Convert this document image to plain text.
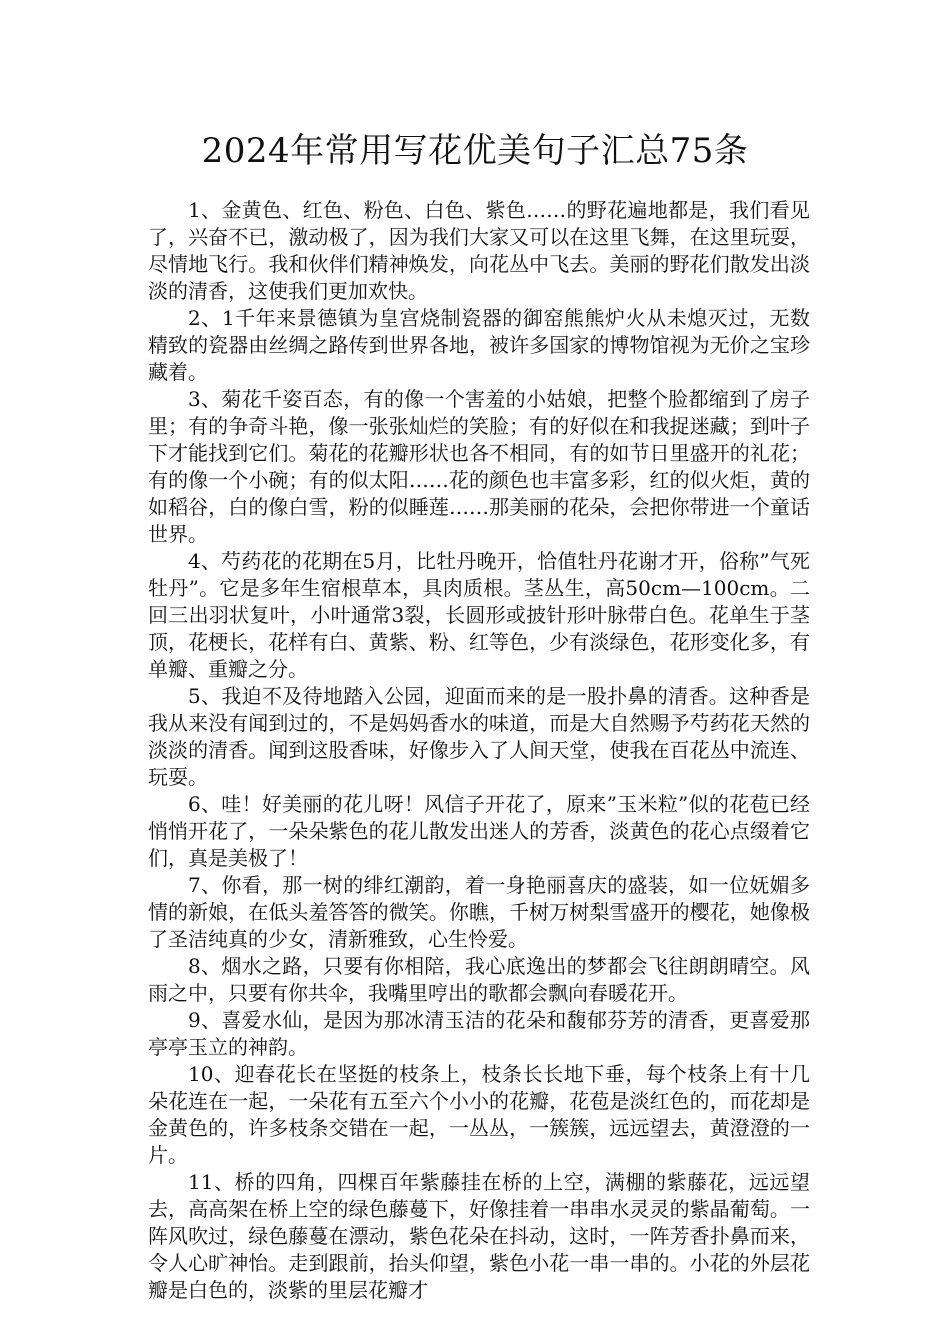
2024年常用写花优美句子汇总75条

1、金黄色、红色、粉色、白色、紫色……的野花遍地都是，我们看见了，兴奋不已，激动极了，因为我们大家又可以在这里飞舞，在这里玩耍，尽情地飞行。我和伙伴们精神焕发，向花丛中飞去。美丽的野花们散发出淡淡的清香，这使我们更加欢快。

2、1千年来景德镇为皇宫烧制瓷器的御窑熊熊炉火从未熄灭过，无数精致的瓷器由丝绸之路传到世界各地，被许多国家的博物馆视为无价之宝珍藏着。

3、菊花千姿百态，有的像一个害羞的小姑娘，把整个脸都缩到了房子里；有的争奇斗艳，像一张张灿烂的笑脸；有的好似在和我捉迷藏；到叶子下才能找到它们。菊花的花瓣形状也各不相同，有的如节日里盛开的礼花；有的像一个小碗；有的似太阳……花的颜色也丰富多彩，红的似火炬，黄的如稻谷，白的像白雪，粉的似睡莲……那美丽的花朵，会把你带进一个童话世界。

4、芍药花的花期在5月，比牡丹晚开，恰值牡丹花谢才开，俗称”气死牡丹”。它是多年生宿根草本，具肉质根。茎丛生，高50cm—100cm。二回三出羽状复叶，小叶通常3裂，长圆形或披针形叶脉带白色。花单生于茎顶，花梗长，花样有白、黄紫、粉、红等色，少有淡绿色，花形变化多，有单瓣、重瓣之分。

5、我迫不及待地踏入公园，迎面而来的是一股扑鼻的清香。这种香是我从来没有闻到过的，不是妈妈香水的味道，而是大自然赐予芍药花天然的淡淡的清香。闻到这股香味，好像步入了人间天堂，使我在百花丛中流连、玩耍。

6、哇！好美丽的花儿呀！风信子开花了，原来”玉米粒”似的花苞已经悄悄开花了，一朵朵紫色的花儿散发出迷人的芳香，淡黄色的花心点缀着它们，真是美极了！

7、你看，那一树的绯红潮韵，着一身艳丽喜庆的盛装，如一位妩媚多情的新娘，在低头羞答答的微笑。你瞧，千树万树梨雪盛开的樱花，她像极了圣洁纯真的少女，清新雅致，心生怜爱。

8、烟水之路，只要有你相陪，我心底逸出的梦都会飞往朗朗晴空。风雨之中，只要有你共伞，我嘴里哼出的歌都会飘向春暖花开。

9、喜爱水仙，是因为那冰清玉洁的花朵和馥郁芬芳的清香，更喜爱那亭亭玉立的神韵。

10、迎春花长在坚挺的枝条上，枝条长长地下垂，每个枝条上有十几朵花连在一起，一朵花有五至六个小小的花瓣，花苞是淡红色的，而花却是金黄色的，许多枝条交错在一起，一丛丛，一簇簇，远远望去，黄澄澄的一片。

11、桥的四角，四棵百年紫藤挂在桥的上空，满棚的紫藤花，远远望去，高高架在桥上空的绿色藤蔓下，好像挂着一串串水灵灵的紫晶葡萄。一阵风吹过，绿色藤蔓在漂动，紫色花朵在抖动，这时，一阵芳香扑鼻而来，令人心旷神怡。走到跟前，抬头仰望，紫色小花一串一串的。小花的外层花瓣是白色的，淡紫的里层花瓣才
